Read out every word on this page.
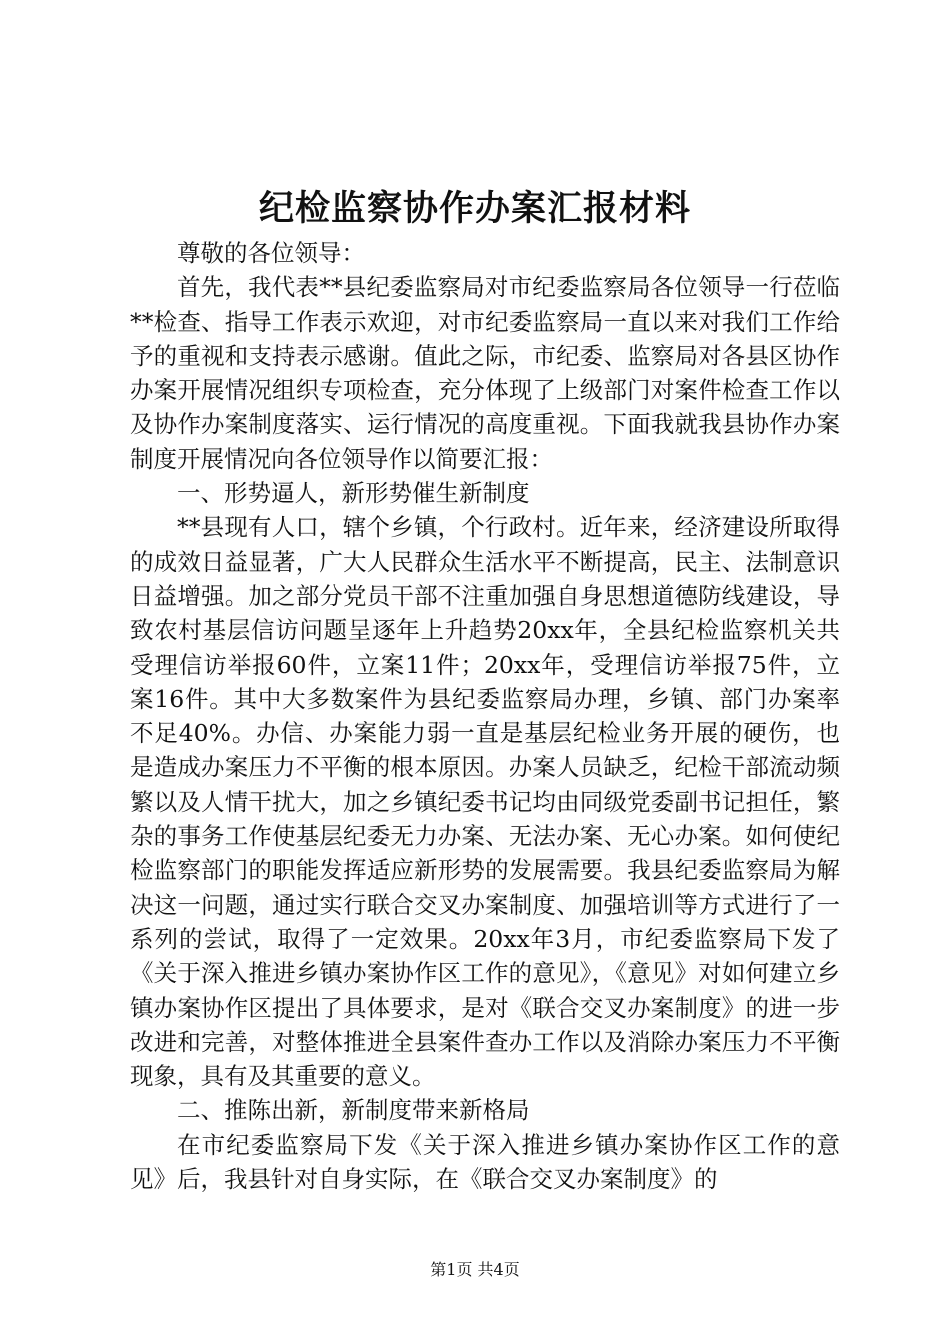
纪检监察协作办案汇报材料

尊敬的各位领导：

首先，我代表**县纪委监察局对市纪委监察局各位领导一行莅临**检查、指导工作表示欢迎，对市纪委监察局一直以来对我们工作给予的重视和支持表示感谢。值此之际，市纪委、监察局对各县区协作办案开展情况组织专项检查，充分体现了上级部门对案件检查工作以及协作办案制度落实、运行情况的高度重视。下面我就我县协作办案制度开展情况向各位领导作以简要汇报：

一、形势逼人，新形势催生新制度

**县现有人口，辖个乡镇，个行政村。近年来，经济建设所取得的成效日益显著，广大人民群众生活水平不断提高，民主、法制意识日益增强。加之部分党员干部不注重加强自身思想道德防线建设，导致农村基层信访问题呈逐年上升趋势20xx年，全县纪检监察机关共受理信访举报60件，立案11件；20xx年，受理信访举报75件，立案16件。其中大多数案件为县纪委监察局办理，乡镇、部门办案率不足40%。办信、办案能力弱一直是基层纪检业务开展的硬伤，也是造成办案压力不平衡的根本原因。办案人员缺乏，纪检干部流动频繁以及人情干扰大，加之乡镇纪委书记均由同级党委副书记担任，繁杂的事务工作使基层纪委无力办案、无法办案、无心办案。如何使纪检监察部门的职能发挥适应新形势的发展需要。我县纪委监察局为解决这一问题，通过实行联合交叉办案制度、加强培训等方式进行了一系列的尝试，取得了一定效果。20xx年3月，市纪委监察局下发了《关于深入推进乡镇办案协作区工作的意见》，《意见》对如何建立乡镇办案协作区提出了具体要求，是对《联合交叉办案制度》的进一步改进和完善，对整体推进全县案件查办工作以及消除办案压力不平衡现象，具有及其重要的意义。

二、推陈出新，新制度带来新格局

在市纪委监察局下发《关于深入推进乡镇办案协作区工作的意见》后，我县针对自身实际，在《联合交叉办案制度》的

第1页 共4页
